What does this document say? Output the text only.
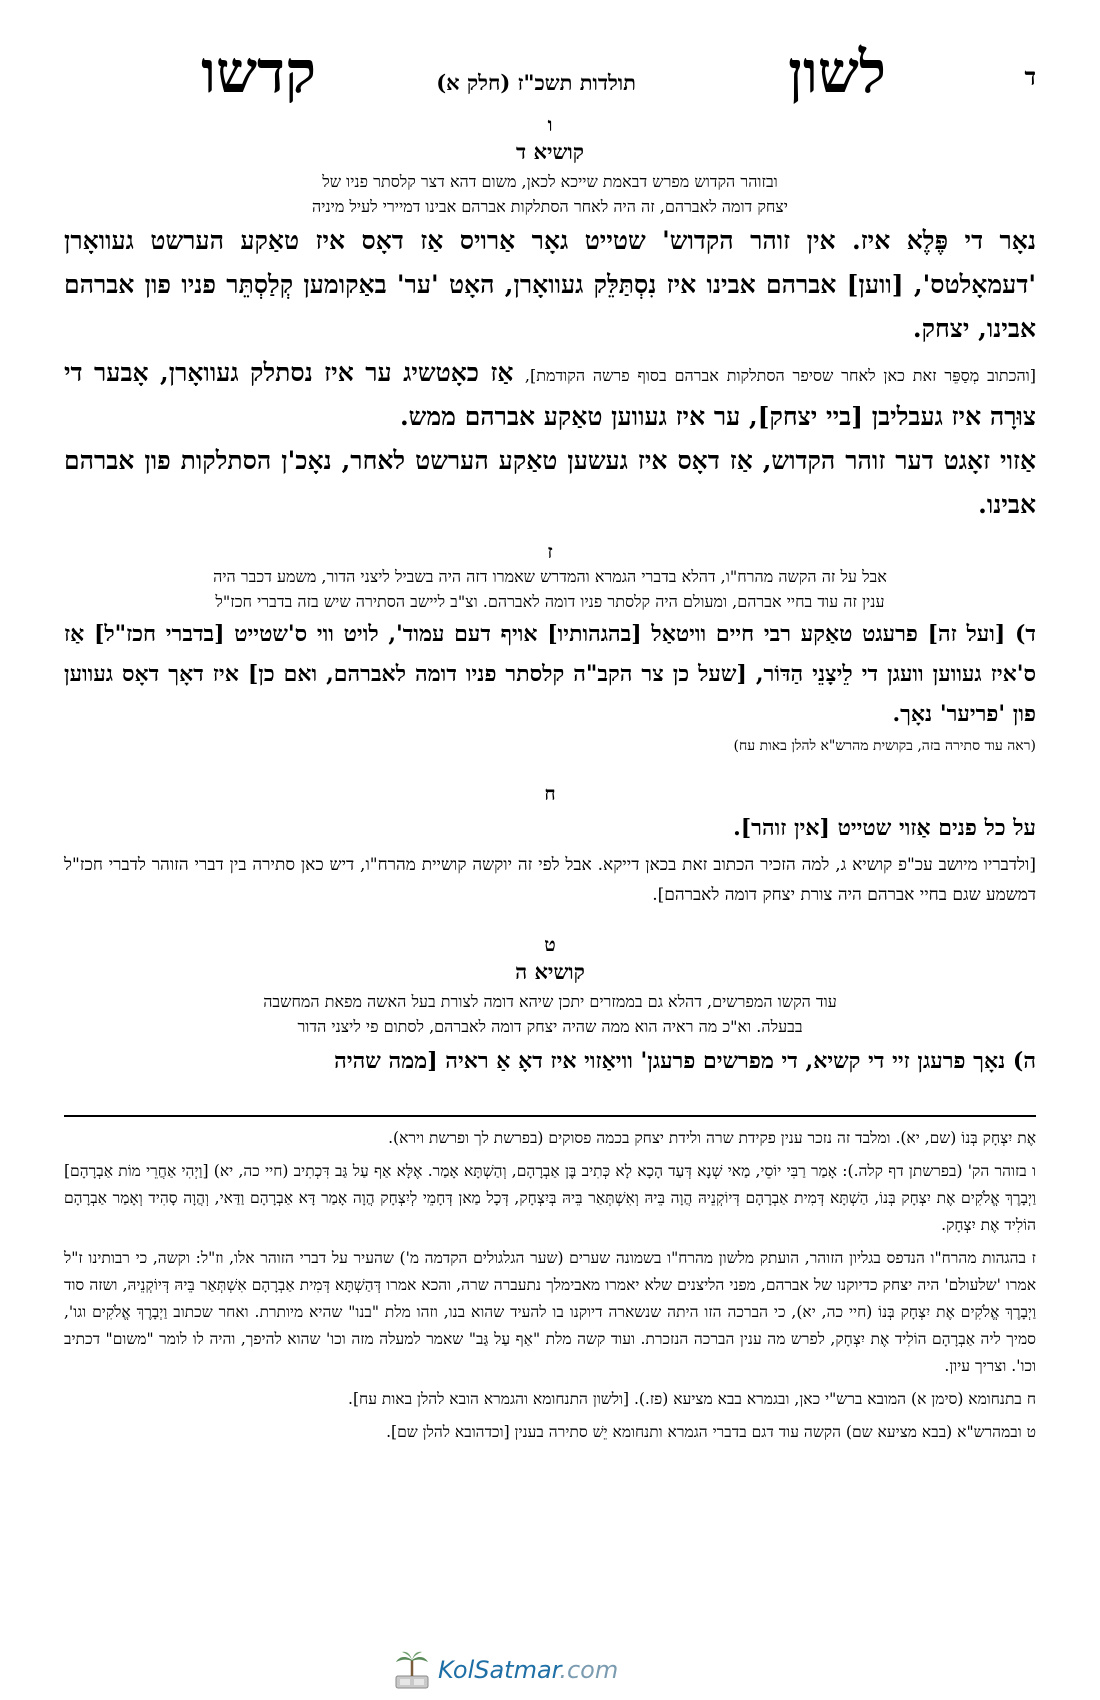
ד
לשון
תולדות תשכ"ז (חלק א)
קדשו
ו
קושיא ד
ובזוהר הקדוש מפרש דבאמת שייכא לכאן, משום דהא דצר קלסתר פניו של
יצחק דומה לאברהם, זה היה לאחר הסתלקות אברהם אבינו דמיירי לעיל מיניה
נאָר די פֶּלֶא איז. אין זוהר הקדוש' שטייט גאָר אַרויס אַז דאָס איז טאַקע הערשט געוואָרן 'דעמאָלטס', [ווען] אברהם אבינו איז נִסְתַּלֵּק געוואָרן, האָט 'ער' באַקומען קְלַסְתֵּר פניו פון אברהם אבינו, יצחק.
[והכתוב מְסַפֵּר זאת כאן לאחר שסיפר הסתלקות אברהם בסוף פרשה הקודמת], אַז כאָטשיג ער איז נסתלק געוואָרן, אָבער די צוּרָה איז געבליבן [ביי יצחק], ער איז געווען טאַקע אברהם ממש.
אַזוי זאָגט דער זוהר הקדוש, אַז דאָס איז געשען טאַקע הערשט לאחר, נאָכ'ן הסתלקות פון אברהם אבינו.
ז
אבל על זה הקשה מהרח"ו, דהלא בדברי הגמרא והמדרש שאמרו דזה היה בשביל ליצני הדור, משמע דכבר היה
ענין זה עוד בחיי אברהם, ומעולם היה קלסתר פניו דומה לאברהם. וצ"ב ליישב הסתירה שיש בזה בדברי חכז"ל
ד) [ועל זה] פרעגט טאַקע רבי חיים וויטאַל [בהגהותיו] אויף דעם עמוד', לויט ווי ס'שטייט [בדברי חכז"ל] אַז ס'איז געווען וועגן די לֵיצָנֵי הַדּוֹר, [שעל כן צר הקב"ה קלסתר פניו דומה לאברהם, ואם כן] איז דאָך דאָס געווען פון 'פריער' נאָך.
(ראה עוד סתירה בזה, בקושית מהרש"א להלן באות עח)
ח
על כל פנים אַזוי שטייט [אין זוהר].
[ולדבריו מיושב עכ"פ קושיא ג, למה הזכיר הכתוב זאת בכאן דייקא. אבל לפי זה יוקשה קושיית מהרח"ו, דיש כאן סתירה בין דברי הזוהר לדברי חכז"ל דמשמע שגם בחיי אברהם היה צורת יצחק דומה לאברהם].
ט
קושיא ה
עוד הקשו המפרשים, דהלא גם בממזרים יתכן שיהא דומה לצורת בעל האשה מפאת המחשבה
בבעלה. וא"כ מה ראיה הוא ממה שהיה יצחק דומה לאברהם, לסתום פי ליצני הדור
ה) נאָך פרעגן זיי די קשיא, די מפרשים פרעגן' וויאַזוי איז דאָ אַ ראיה [ממה שהיה

אֶת יִצְחָק בְּנוֹ (שם, יא). ומלבד זה נזכר ענין פקידת שרה ולידת יצחק בכמה פסוקים (בפרשת לך ופרשת וירא).

ו בזוהר הק' (בפרשתן דף קלה.): אָמַר רַבִּי יוֹסֵי, מַאי שְׁנָא דְּעַד הָכָא לָא כְּתִיב בֶּן אַבְרָהָם, וְהַשְׁתָּא אָמַר. אֶלָּא אַף עַל גַּב דִּכְתִיב (חיי כה, יא) [וַיְהִי אַחֲרֵי מוֹת אַבְרָהָם] וַיְבָרֶךְ אֱלֹקִים אֶת יִצְחָק בְּנוֹ, הַשְׁתָּא דְּמִית אַבְרָהָם דְּיוֹקְנֵיהּ הֲוָה בֵּיהּ וְאִשְׁתְּאַר בֵּיהּ בְּיִצְחָק, דְּכָל מַאן דְּחָמֵי לְיִצְחָק הֲוָה אָמַר דָּא אַבְרָהָם וַדַּאי, וְהֲוָה סָהִיד וְאָמַר אַבְרָהָם הוֹלִיד אֶת יִצְחָק.

ז בהגהות מהרח"ו הנדפס בגליון הזוהר, הועתק מלשון מהרח"ו בשמונה שערים (שער הגלגולים הקדמה מ') שהעיר על דברי הזוהר אלו, וז"ל: וקשה, כי רבותינו ז"ל אמרו 'שלעולם' היה יצחק כדיוקנו של אברהם, מפני הליצנים שלא יאמרו מאבימלך נתעברה שרה, והכא אמרו דְּהַשְׁתָּא דְּמִית אַבְרָהָם אִשְׁתְּאַר בֵּיהּ דְּיוֹקְנֵיהּ, ושזה סוד וַיְבָרֶךְ אֱלֹקִים אֶת יִצְחָק בְּנוֹ (חיי כה, יא), כי הברכה הזו היתה שנשארה דיוקנו בו להעיד שהוא בנו, וזהו מלת "בנו" שהיא מיותרת. ואחר שכתוב וַיְבָרֶךְ אֱלֹקִים וגו', סמיך ליה אַבְרָהָם הוֹלִיד אֶת יִצְחָק, לפרש מה ענין הברכה הנזכרת. ועוד קשה מלת "אַף עַל גַּב" שאמר למעלה מזה וכו' שהוא להיפך, והיה לו לומר "משום" דכתיב וכו'. וצריך עיון.

ח בתנחומא (סימן א) המובא ברש"י כאן, ובגמרא בבא מציעא (פז.). [ולשון התנחומא והגמרא הובא להלן באות עח].

ט ובמהרש"א (בבא מציעא שם) הקשה עוד דגם בדברי הגמרא ותנחומא יֵשׁ סתירה בענין [וכדהובא להלן שם].

KolSatmar.com
